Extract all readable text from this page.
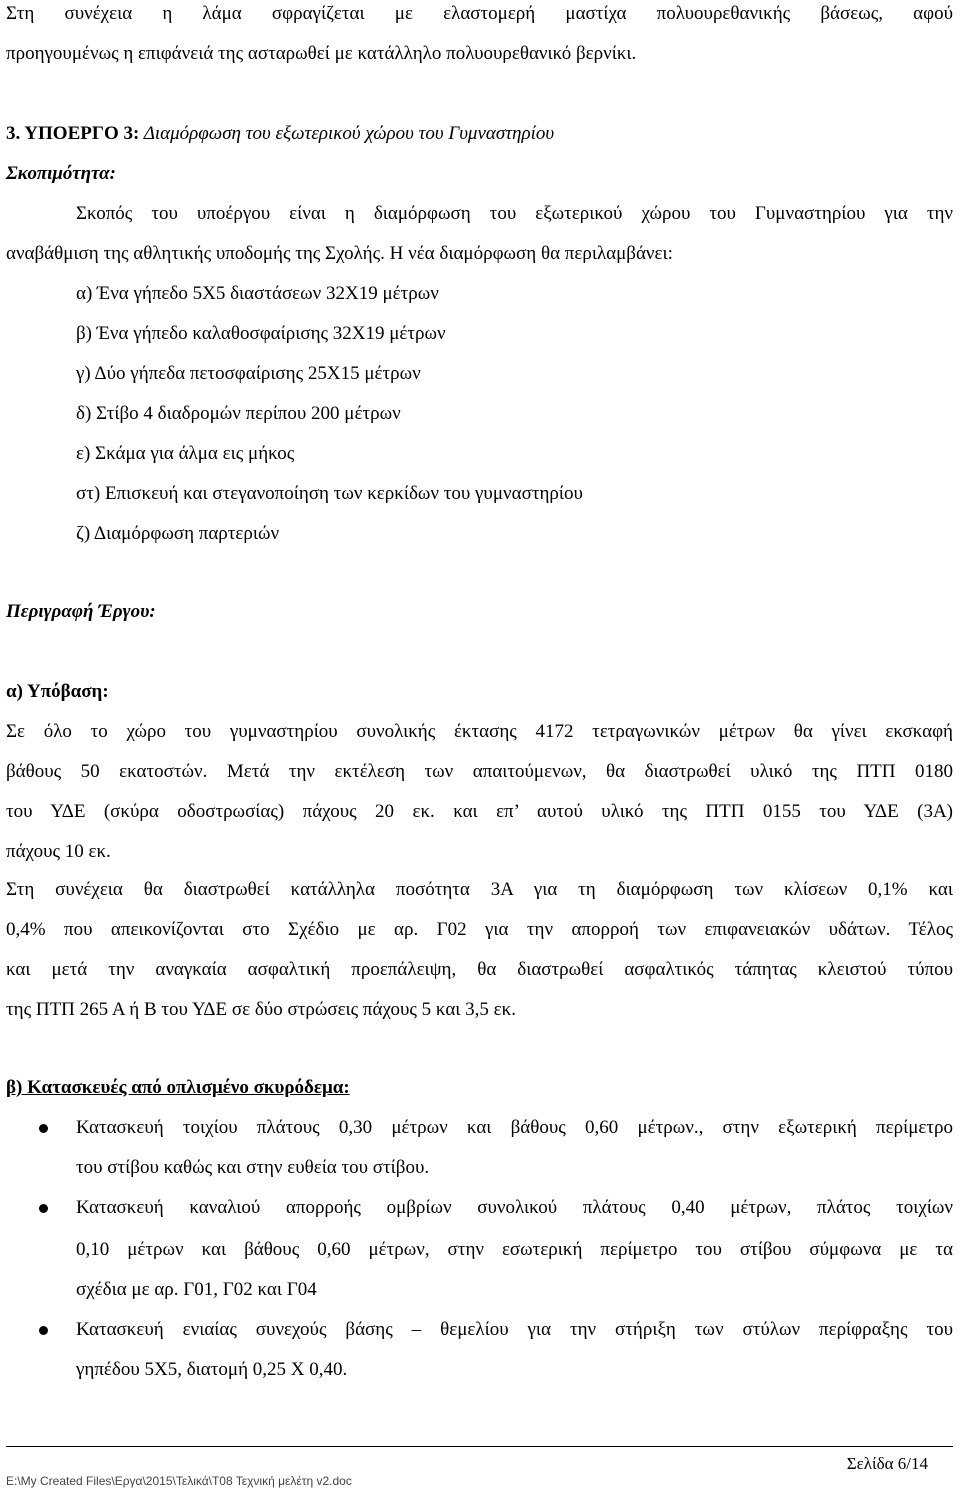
Στη συνέχεια η λάμα σφραγίζεται με ελαστομερή μαστίχα πολυουρεθανικής βάσεως, αφού
προηγουμένως η επιφάνειά της ασταρωθεί με κατάλληλο πολυουρεθανικό βερνίκι.
3. ΥΠΟΕΡΓΟ 3: Διαμόρφωση του εξωτερικού χώρου του Γυμναστηρίου
Σκοπιμότητα:
Σκοπός του υποέργου είναι η διαμόρφωση του εξωτερικού χώρου του Γυμναστηρίου για την
αναβάθμιση της αθλητικής υποδομής της Σχολής. Η νέα διαμόρφωση θα περιλαμβάνει:
α) Ένα γήπεδο 5Χ5 διαστάσεων 32Χ19 μέτρων
β) Ένα γήπεδο καλαθοσφαίρισης 32Χ19 μέτρων
γ) Δύο γήπεδα πετοσφαίρισης 25Χ15 μέτρων
δ) Στίβο 4 διαδρομών περίπου 200 μέτρων
ε) Σκάμα για άλμα εις μήκος
στ) Επισκευή και στεγανοποίηση των κερκίδων του γυμναστηρίου
ζ) Διαμόρφωση παρτεριών
Περιγραφή Έργου:
α) Υπόβαση:
Σε όλο το χώρο του γυμναστηρίου συνολικής έκτασης 4172 τετραγωνικών μέτρων θα γίνει εκσκαφή
βάθους 50 εκατοστών. Μετά την εκτέλεση των απαιτούμενων, θα διαστρωθεί υλικό της ΠΤΠ 0180
του ΥΔΕ (σκύρα οδοστρωσίας) πάχους 20 εκ. και επ’ αυτού υλικό της ΠΤΠ 0155 του ΥΔΕ (3Α)
πάχους 10 εκ.
Στη συνέχεια θα διαστρωθεί κατάλληλα ποσότητα 3Α για τη διαμόρφωση των κλίσεων 0,1% και
0,4% που απεικονίζονται στο Σχέδιο με αρ. Γ02 για την απορροή των επιφανειακών υδάτων. Τέλος
και μετά την αναγκαία ασφαλτική προεπάλειψη, θα διαστρωθεί ασφαλτικός τάπητας κλειστού τύπου
της ΠΤΠ 265 Α ή Β του ΥΔΕ σε δύο στρώσεις πάχους 5 και 3,5 εκ.
β) Κατασκευές από οπλισμένο σκυρόδεμα:
Κατασκευή τοιχίου πλάτους 0,30 μέτρων και βάθους 0,60 μέτρων., στην εξωτερική περίμετρο
του στίβου καθώς και στην ευθεία του στίβου.
Κατασκευή καναλιού απορροής ομβρίων συνολικού πλάτους 0,40 μέτρων, πλάτος τοιχίων
0,10 μέτρων και βάθους 0,60 μέτρων, στην εσωτερική περίμετρο του στίβου σύμφωνα με τα
σχέδια με αρ. Γ01, Γ02 και Γ04
Κατασκευή ενιαίας συνεχούς βάσης – θεμελίου για την στήριξη των στύλων περίφραξης του
γηπέδου 5Χ5, διατομή 0,25 Χ 0,40.
Σελίδα 6/14
E:\My Created Files\Εργα\2015\Τελικά\Τ08 Τεχνική μελέτη v2.doc
